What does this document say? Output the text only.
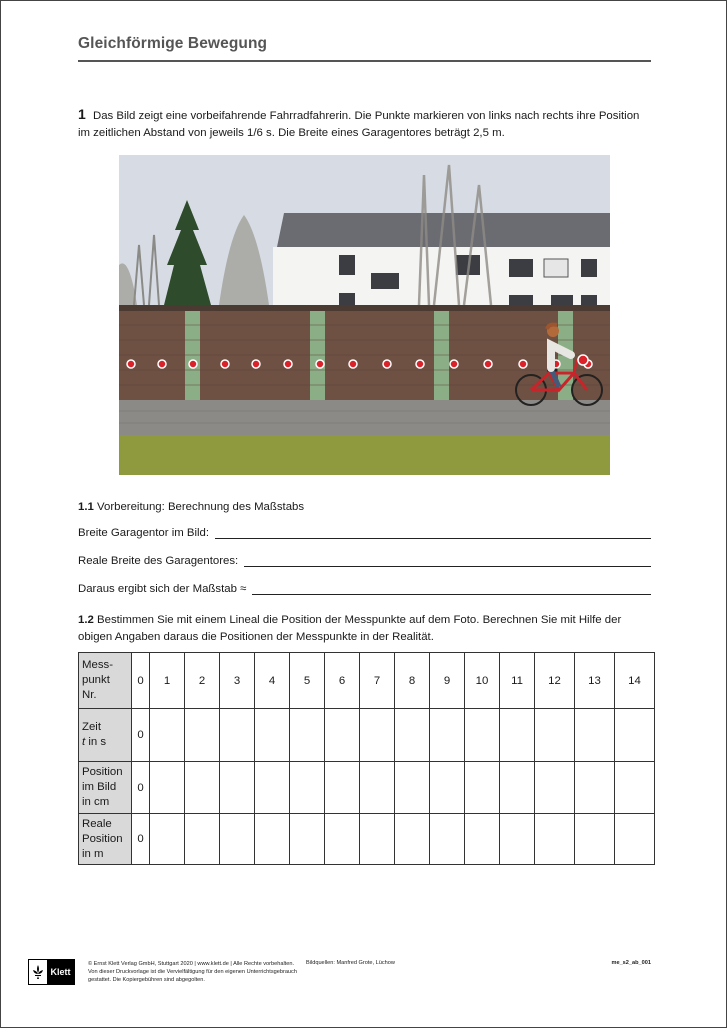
Gleichförmige Bewegung
1 Das Bild zeigt eine vorbeifahrende Fahrradfahrerin. Die Punkte markieren von links nach rechts ihre Position im zeitlichen Abstand von jeweils 1/6 s. Die Breite eines Garagentores beträgt 2,5 m.
1.1 Vorbereitung: Berechnung des Maßstabs
Breite Garagentor im Bild:
Reale Breite des Garagentores:
Daraus ergibt sich der Maßstab ≈
1.2 Bestimmen Sie mit einem Lineal die Position der Messpunkte auf dem Foto. Berechnen Sie mit Hilfe der obigen Angaben daraus die Positionen der Messpunkte in der Realität.
Mess-
punkt
Nr.	0	1	2	3	4	5	6	7	8	9	10	11	12	13	14

Zeit
t in s	0														

Position
im Bild
in cm	0														

Reale
Position
in m	0														
Klett
© Ernst Klett Verlag GmbH, Stuttgart 2020 | www.klett.de | Alle Rechte vorbehalten. Von dieser Druckvorlage ist die Vervielfältigung für den eigenen Unterrichtsgebrauch gestattet. Die Kopiergebühren sind abgegolten.
Bildquellen: Manfred Grote, Lüchow	me_s2_ab_001
